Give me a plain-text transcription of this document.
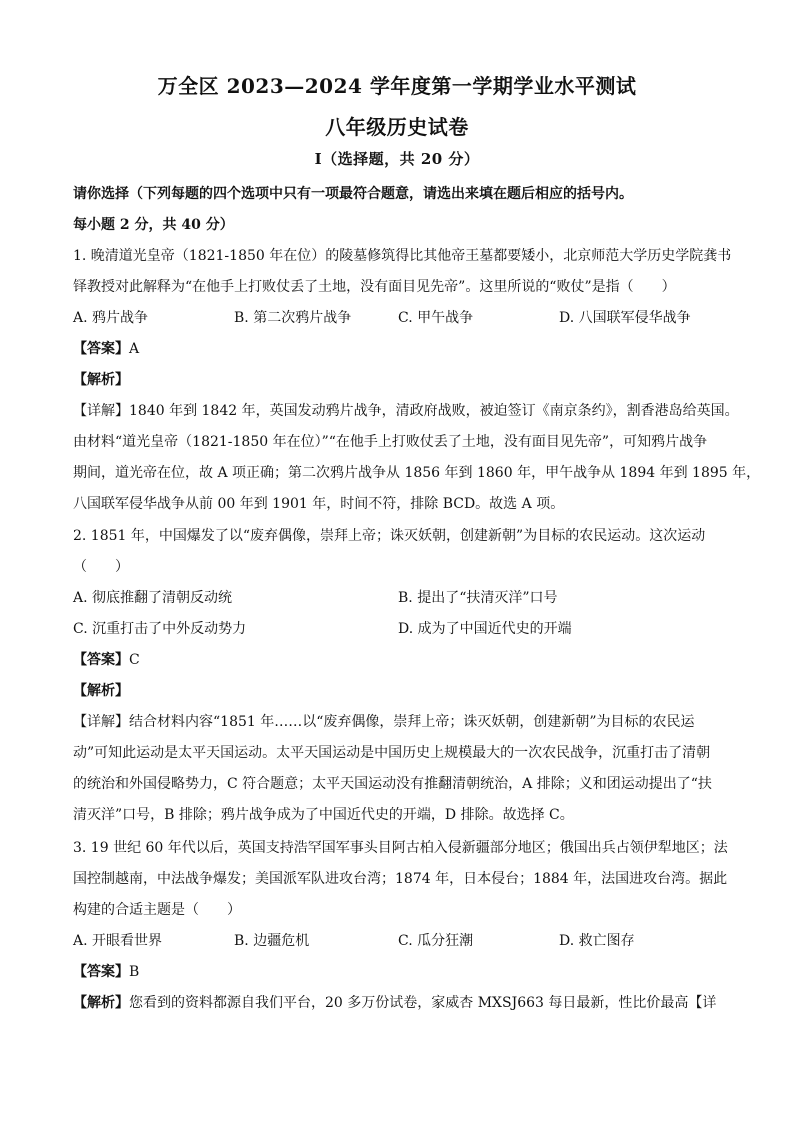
万全区 2023—2024 学年度第一学期学业水平测试
八年级历史试卷
Ⅰ（选择题，共 20 分）
请你选择（下列每题的四个选项中只有一项最符合题意，请选出来填在题后相应的括号内。
每小题 2 分，共 40 分）
1. 晚清道光皇帝（1821-1850 年在位）的陵墓修筑得比其他帝王墓都要矮小，北京师范大学历史学院龚书
铎教授对此解释为“在他手上打败仗丢了土地，没有面目见先帝”。这里所说的“败仗”是指（　　）
A. 鸦片战争	B. 第二次鸦片战争	C. 甲午战争	D. 八国联军侵华战争
【答案】A
【解析】
【详解】1840 年到 1842 年，英国发动鸦片战争，清政府战败，被迫签订《南京条约》，割香港岛给英国。
由材料“道光皇帝（1821-1850 年在位）”“在他手上打败仗丢了土地，没有面目见先帝”，可知鸦片战争
期间，道光帝在位，故 A 项正确；第二次鸦片战争从 1856 年到 1860 年，甲午战争从 1894 年到 1895 年，
八国联军侵华战争从前 00 年到 1901 年，时间不符，排除 BCD。故选 A 项。
2. 1851 年，中国爆发了以“废弃偶像，崇拜上帝；诛灭妖朝，创建新朝”为目标的农民运动。这次运动
（　　）
A. 彻底推翻了清朝反动统	B. 提出了“扶清灭洋”口号
C. 沉重打击了中外反动势力	D. 成为了中国近代史的开端
【答案】C
【解析】
【详解】结合材料内容“1851 年……以“废弃偶像，崇拜上帝；诛灭妖朝，创建新朝”为目标的农民运
动”可知此运动是太平天国运动。太平天国运动是中国历史上规模最大的一次农民战争，沉重打击了清朝
的统治和外国侵略势力，C 符合题意；太平天国运动没有推翻清朝统治，A 排除；义和团运动提出了“扶
清灭洋”口号，B 排除；鸦片战争成为了中国近代史的开端，D 排除。故选择 C。
3. 19 世纪 60 年代以后，英国支持浩罕国军事头目阿古柏入侵新疆部分地区；俄国出兵占领伊犁地区；法
国控制越南，中法战争爆发；美国派军队进攻台湾；1874 年，日本侵台；1884 年，法国进攻台湾。据此
构建的合适主题是（　　）
A. 开眼看世界	B. 边疆危机	C. 瓜分狂潮	D. 救亡图存
【答案】B
【解析】您看到的资料都源自我们平台，20 多万份试卷，家威杏 MXSJ663 每日最新，性比价最高【详
